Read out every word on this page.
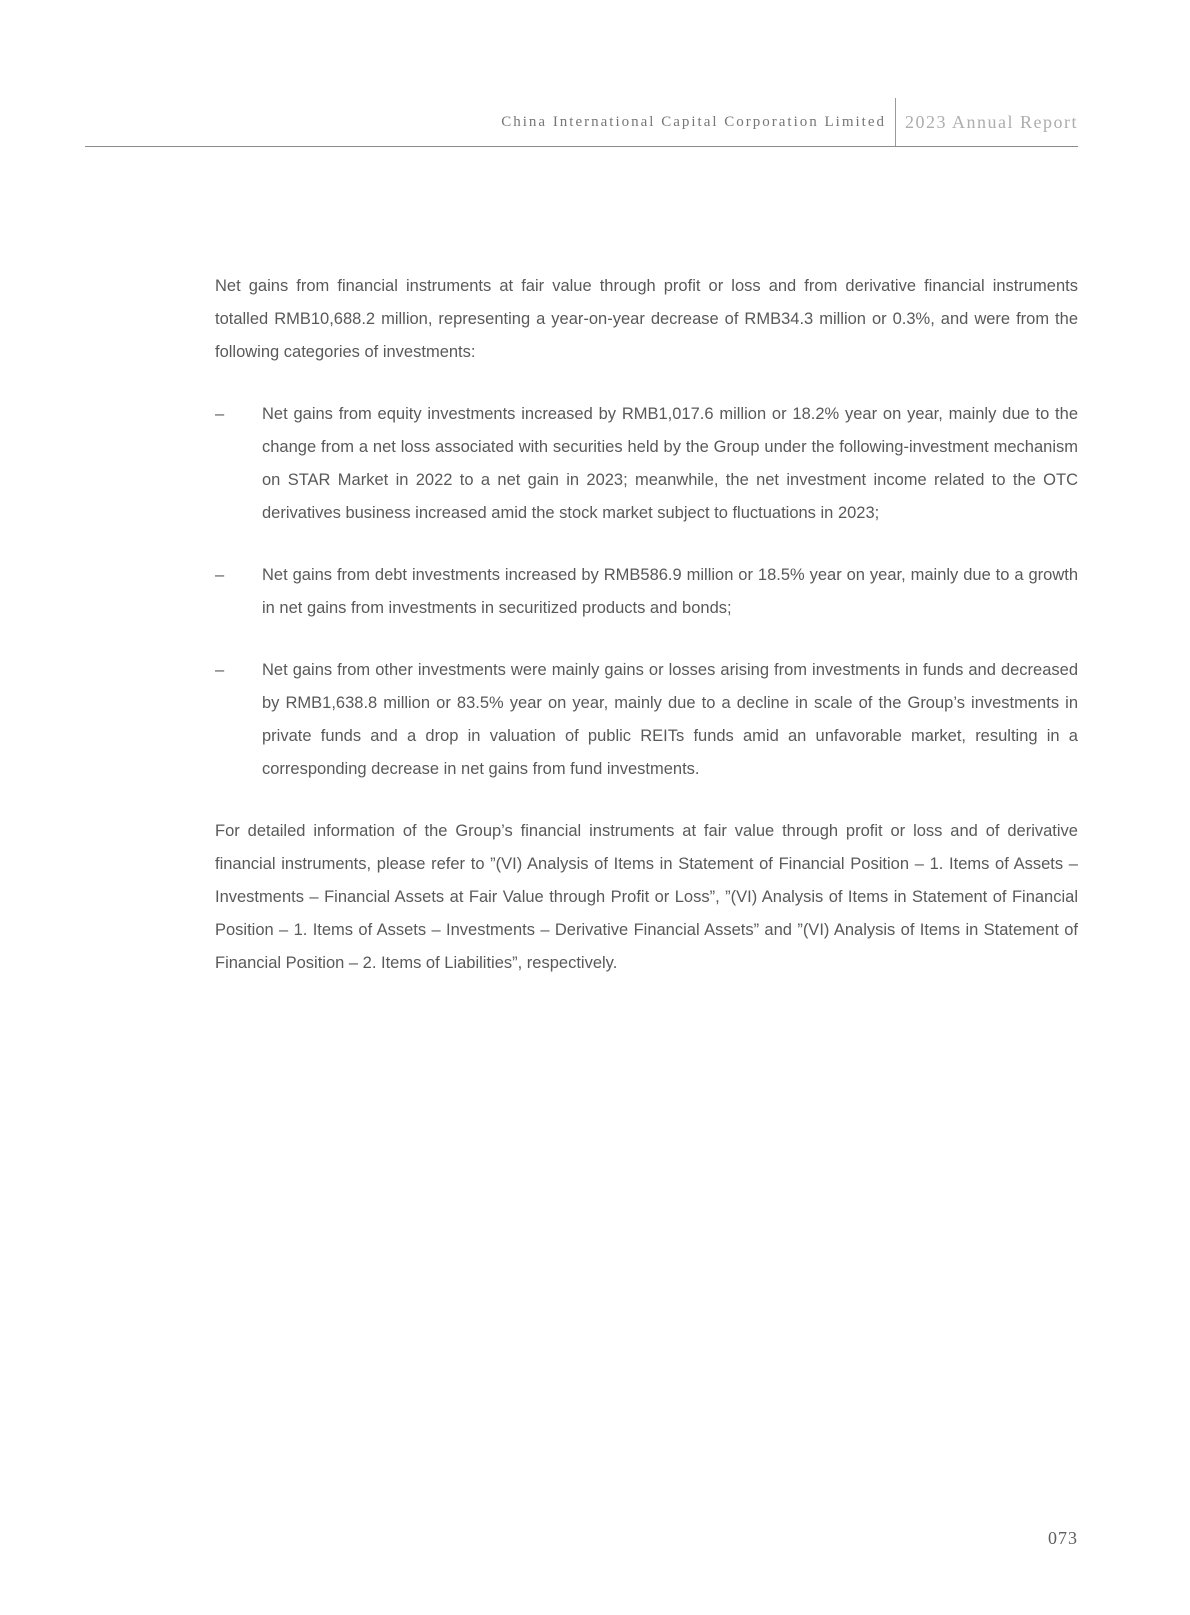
China International Capital Corporation Limited 2023 Annual Report

Net gains from financial instruments at fair value through profit or loss and from derivative financial instruments totalled RMB10,688.2 million, representing a year-on-year decrease of RMB34.3 million or 0.3%, and were from the following categories of investments:

– Net gains from equity investments increased by RMB1,017.6 million or 18.2% year on year, mainly due to the change from a net loss associated with securities held by the Group under the following-investment mechanism on STAR Market in 2022 to a net gain in 2023; meanwhile, the net investment income related to the OTC derivatives business increased amid the stock market subject to fluctuations in 2023;
– Net gains from debt investments increased by RMB586.9 million or 18.5% year on year, mainly due to a growth in net gains from investments in securitized products and bonds;
– Net gains from other investments were mainly gains or losses arising from investments in funds and decreased by RMB1,638.8 million or 83.5% year on year, mainly due to a decline in scale of the Group’s investments in private funds and a drop in valuation of public REITs funds amid an unfavorable market, resulting in a corresponding decrease in net gains from fund investments.

For detailed information of the Group’s financial instruments at fair value through profit or loss and of derivative financial instruments, please refer to ”(VI) Analysis of Items in Statement of Financial Position – 1. Items of Assets – Investments – Financial Assets at Fair Value through Profit or Loss”, ”(VI) Analysis of Items in Statement of Financial Position – 1. Items of Assets – Investments – Derivative Financial Assets” and ”(VI) Analysis of Items in Statement of Financial Position – 2. Items of Liabilities”, respectively.

073
